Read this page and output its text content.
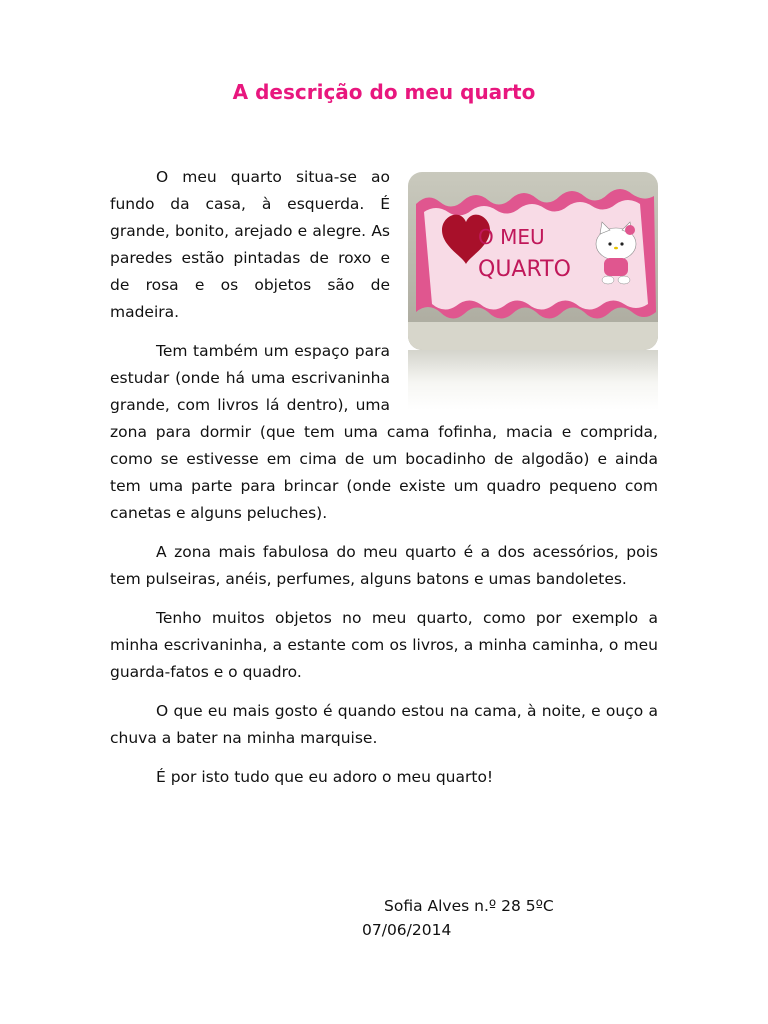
A descrição do meu quarto
O MEU
QUARTO

O meu quarto situa-se ao fundo da casa, à esquerda. É grande, bonito, arejado e alegre. As paredes estão pintadas de roxo e de rosa e os objetos são de madeira.

Tem também um espaço para estudar (onde há uma escrivaninha grande, com livros lá dentro), uma zona para dormir (que tem uma cama fofinha, macia e comprida, como se estivesse em cima de um bocadinho de algodão) e ainda tem uma parte para brincar (onde existe um quadro pequeno com canetas e alguns peluches).

A zona mais fabulosa do meu quarto é a dos acessórios, pois tem pulseiras, anéis, perfumes, alguns batons e umas bandoletes.

Tenho muitos objetos no meu quarto, como por exemplo a minha escrivaninha, a estante com os livros, a minha caminha, o meu guarda-fatos e o quadro.

O que eu mais gosto é quando estou na cama, à noite, e ouço a chuva a bater na minha marquise.

É por isto tudo que eu adoro o meu quarto!

Sofia Alves n.º 28 5ºC
07/06/2014
